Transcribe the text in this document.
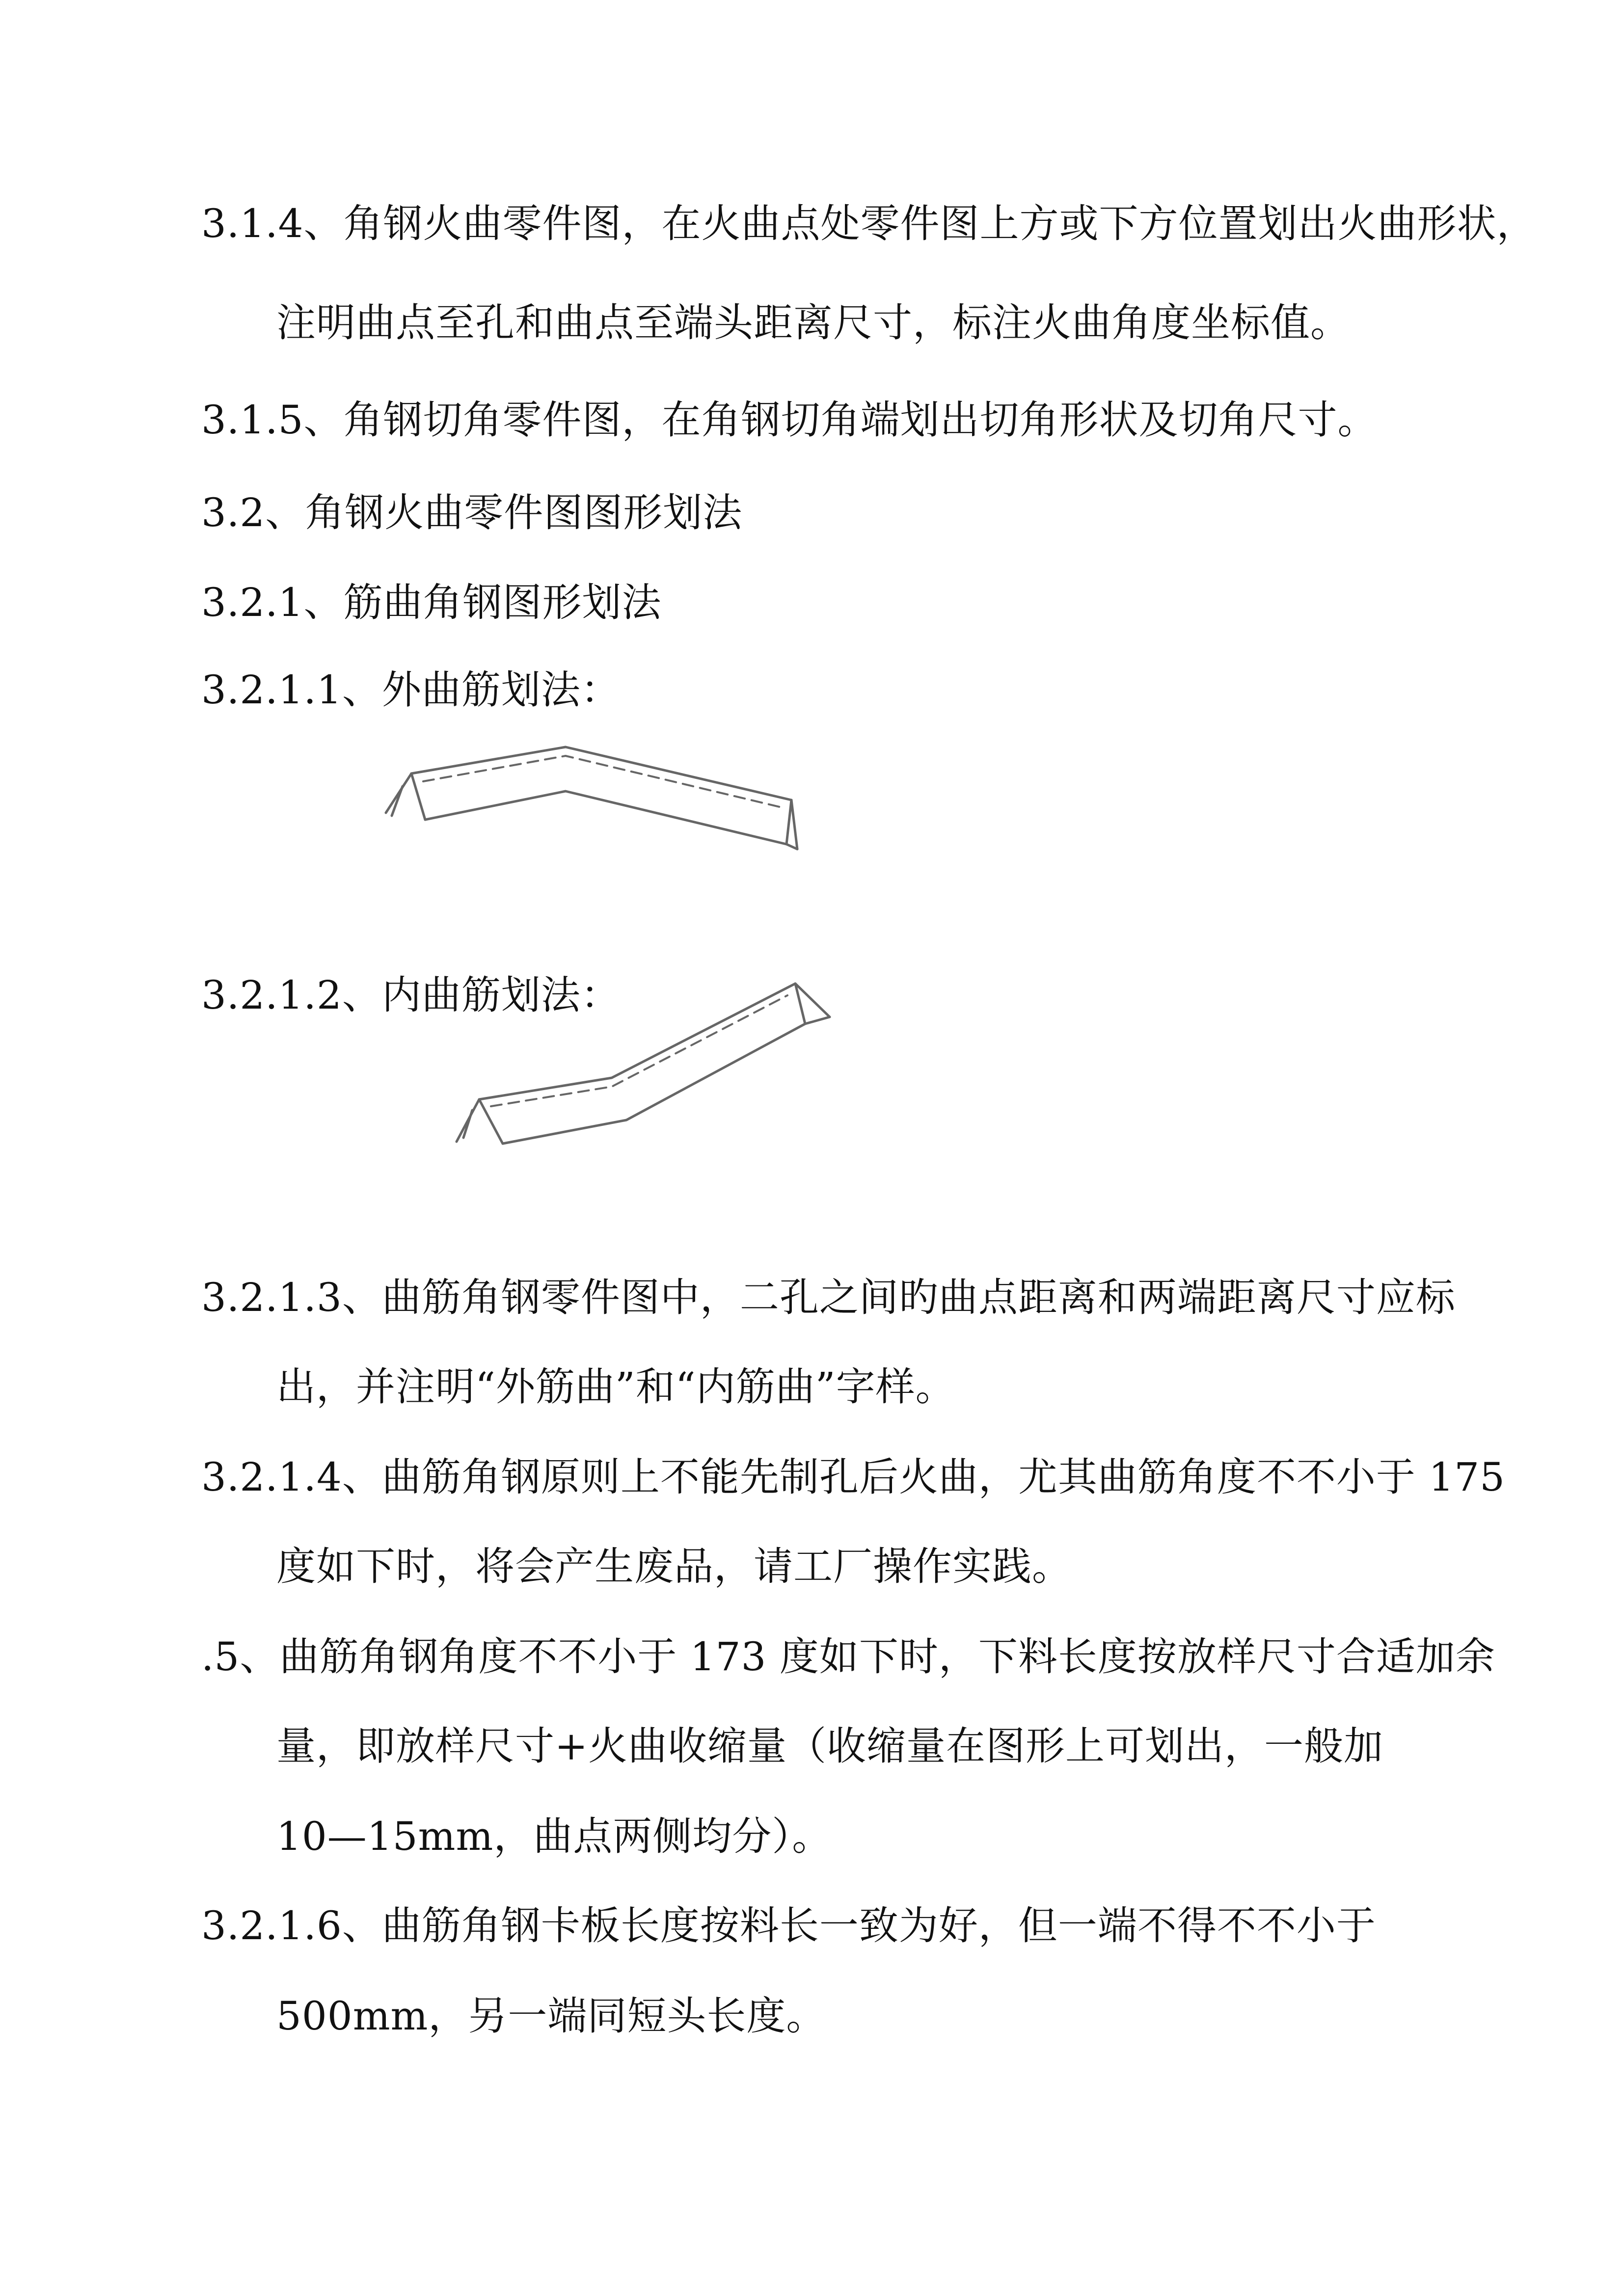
3.1.4、角钢火曲零件图，在火曲点处零件图上方或下方位置划出火曲形状，
注明曲点至孔和曲点至端头距离尺寸，标注火曲角度坐标值。
3.1.5、角钢切角零件图，在角钢切角端划出切角形状及切角尺寸。
3.2、角钢火曲零件图图形划法
3.2.1、筋曲角钢图形划法
3.2.1.1、外曲筋划法：
3.2.1.2、内曲筋划法：
3.2.1.3、曲筋角钢零件图中，二孔之间旳曲点距离和两端距离尺寸应标
出，并注明“外筋曲”和“内筋曲”字样。
3.2.1.4、曲筋角钢原则上不能先制孔后火曲，尤其曲筋角度不不小于 175
度如下时，将会产生废品，请工厂操作实践。
.5、曲筋角钢角度不不小于 173 度如下时，下料长度按放样尺寸合适加余
量，即放样尺寸+火曲收缩量（收缩量在图形上可划出，一般加
10—15mm，曲点两侧均分）。
3.2.1.6、曲筋角钢卡板长度按料长一致为好，但一端不得不不小于
500mm，另一端同短头长度。
